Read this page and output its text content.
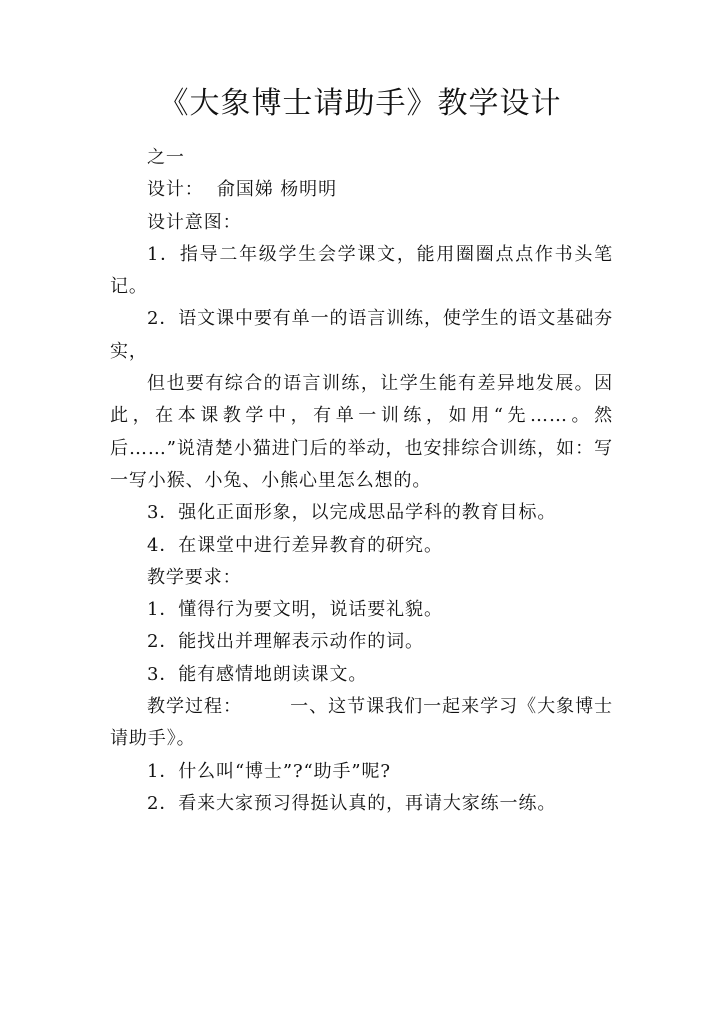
《大象博士请助手》教学设计

之一

设计： 俞国娣 杨明明

设计意图：

1．指导二年级学生会学课文，能用圈圈点点作书头笔记。

2．语文课中要有单一的语言训练，使学生的语文基础夯实，

但也要有综合的语言训练，让学生能有差异地发展。因此，在本课教学中，有单一训练，如用“先……。然后……”说清楚小猫进门后的举动，也安排综合训练，如：写一写小猴、小兔、小熊心里怎么想的。

3．强化正面形象，以完成思品学科的教育目标。

4．在课堂中进行差异教育的研究。

教学要求：

1．懂得行为要文明，说话要礼貌。

2．能找出并理解表示动作的词。

3．能有感情地朗读课文。

教学过程：	一、这节课我们一起来学习《大象博士请助手》。

1．什么叫“博士”?“助手”呢?

2．看来大家预习得挺认真的，再请大家练一练。
